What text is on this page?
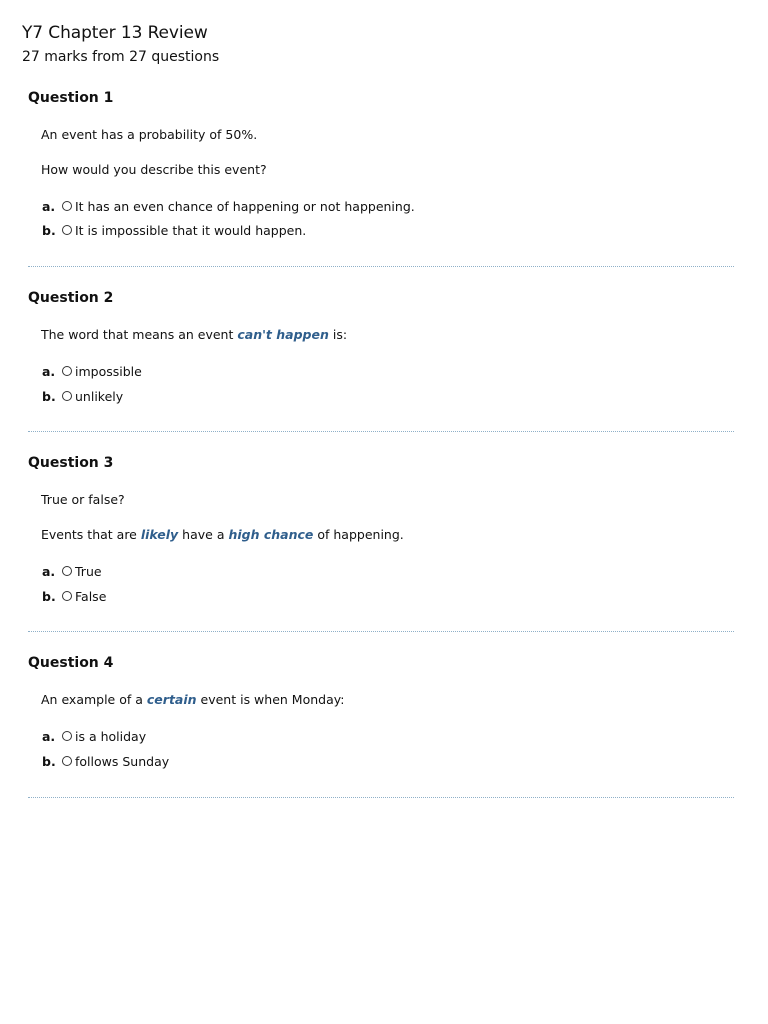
Y7 Chapter 13 Review

27 marks from 27 questions

Question 1
An event has a probability of 50%.
How would you describe this event?
a.	It has an even chance of happening or not happening.
b.	It is impossible that it would happen.
Question 2
The word that means an event can't happen is:
a.	impossible
b.	unlikely
Question 3
True or false?
Events that are likely have a high chance of happening.
a.	True
b.	False
Question 4
An example of a certain event is when Monday:
a.	is a holiday
b.	follows Sunday
